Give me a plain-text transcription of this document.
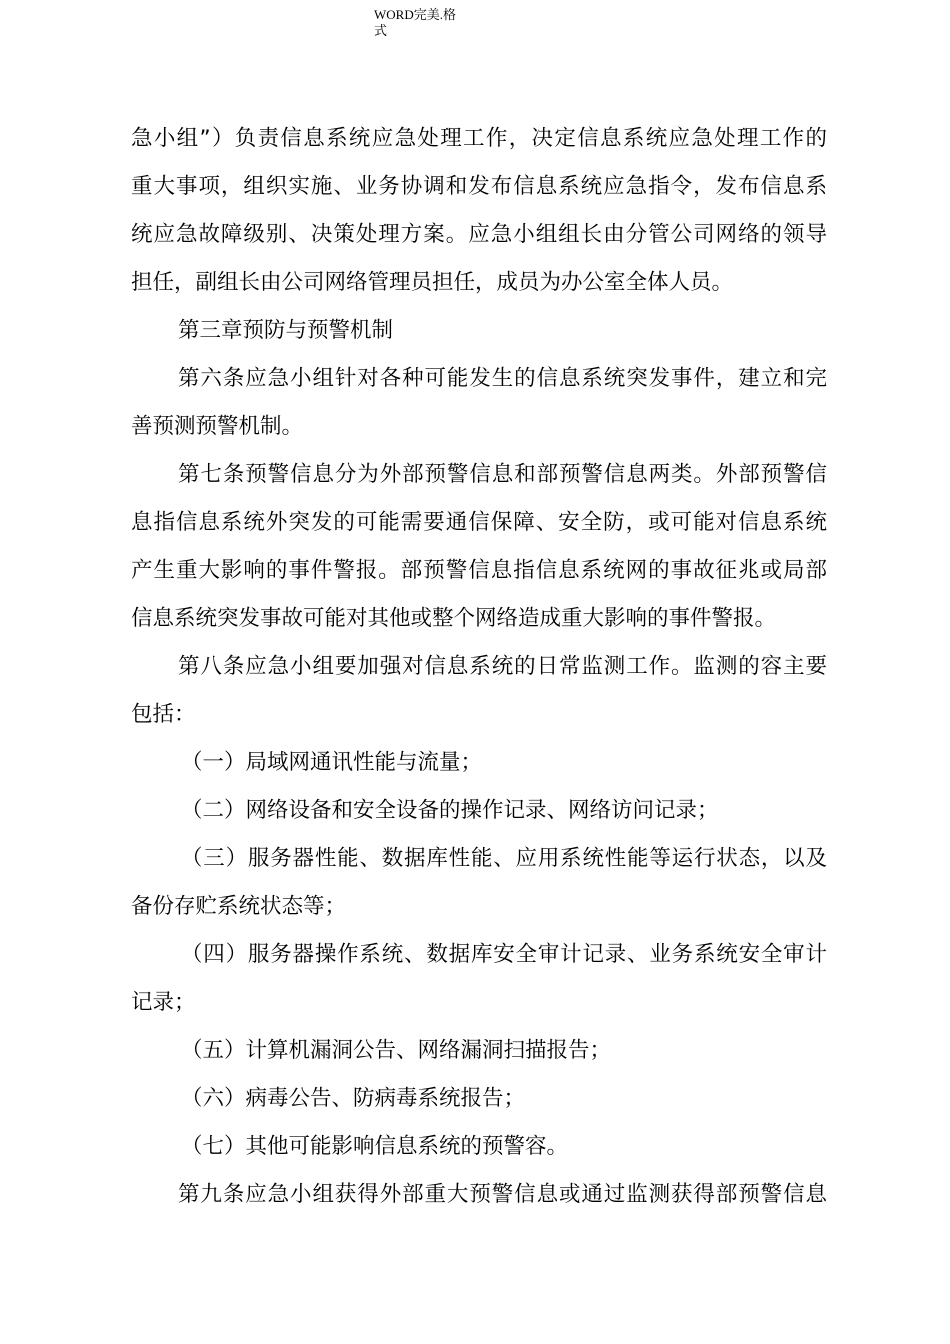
WORD完美.格
式
急小组”）负责信息系统应急处理工作，决定信息系统应急处理工作的
重大事项，组织实施、业务协调和发布信息系统应急指令，发布信息系
统应急故障级别、决策处理方案。应急小组组长由分管公司网络的领导
担任，副组长由公司网络管理员担任，成员为办公室全体人员。
第三章预防与预警机制
第六条应急小组针对各种可能发生的信息系统突发事件，建立和完
善预测预警机制。
第七条预警信息分为外部预警信息和部预警信息两类。外部预警信
息指信息系统外突发的可能需要通信保障、安全防，或可能对信息系统
产生重大影响的事件警报。部预警信息指信息系统网的事故征兆或局部
信息系统突发事故可能对其他或整个网络造成重大影响的事件警报。
第八条应急小组要加强对信息系统的日常监测工作。监测的容主要
包括：
（一）局域网通讯性能与流量；
（二）网络设备和安全设备的操作记录、网络访问记录；
（三）服务器性能、数据库性能、应用系统性能等运行状态，以及
备份存贮系统状态等；
（四）服务器操作系统、数据库安全审计记录、业务系统安全审计
记录；
（五）计算机漏洞公告、网络漏洞扫描报告；
（六）病毒公告、防病毒系统报告；
（七）其他可能影响信息系统的预警容。
第九条应急小组获得外部重大预警信息或通过监测获得部预警信息
